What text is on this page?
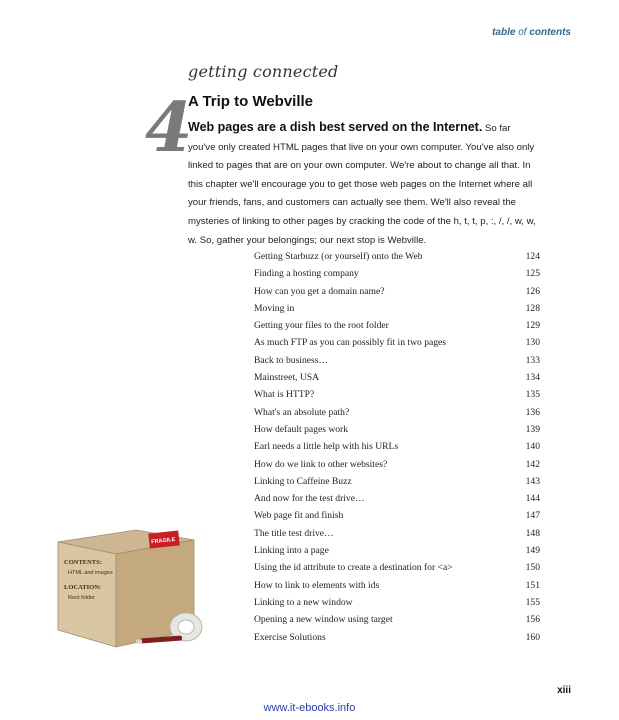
table of contents
getting connected
4
A Trip to Webville
Web pages are a dish best served on the Internet. So far you've only created HTML pages that live on your own computer. You've also only linked to pages that are on your own computer. We're about to change all that. In this chapter we'll encourage you to get those web pages on the Internet where all your friends, fans, and customers can actually see them. We'll also reveal the mysteries of linking to other pages by cracking the code of the h, t, t, p, :, /, /, w, w, w. So, gather your belongings; our next stop is Webville.
Getting Starbuzz (or yourself) onto the Web	124
Finding a hosting company	125
How can you get a domain name?	126
Moving in	128
Getting your files to the root folder	129
As much FTP as you can possibly fit in two pages	130
Back to business…	133
Mainstreet, USA	134
What is HTTP?	135
What's an absolute path?	136
How default pages work	139
Earl needs a little help with his URLs	140
How do we link to other websites?	142
Linking to Caffeine Buzz	143
And now for the test drive…	144
Web page fit and finish	147
The title test drive…	148
Linking into a page	149
Using the id attribute to create a destination for <a>	150
How to link to elements with ids	151
Linking to a new window	155
Opening a new window using target	156
Exercise Solutions	160
FRAGILE
CONTENTS:
HTML and images
LOCATION:
Root folder
xiii
www.it-ebooks.info
